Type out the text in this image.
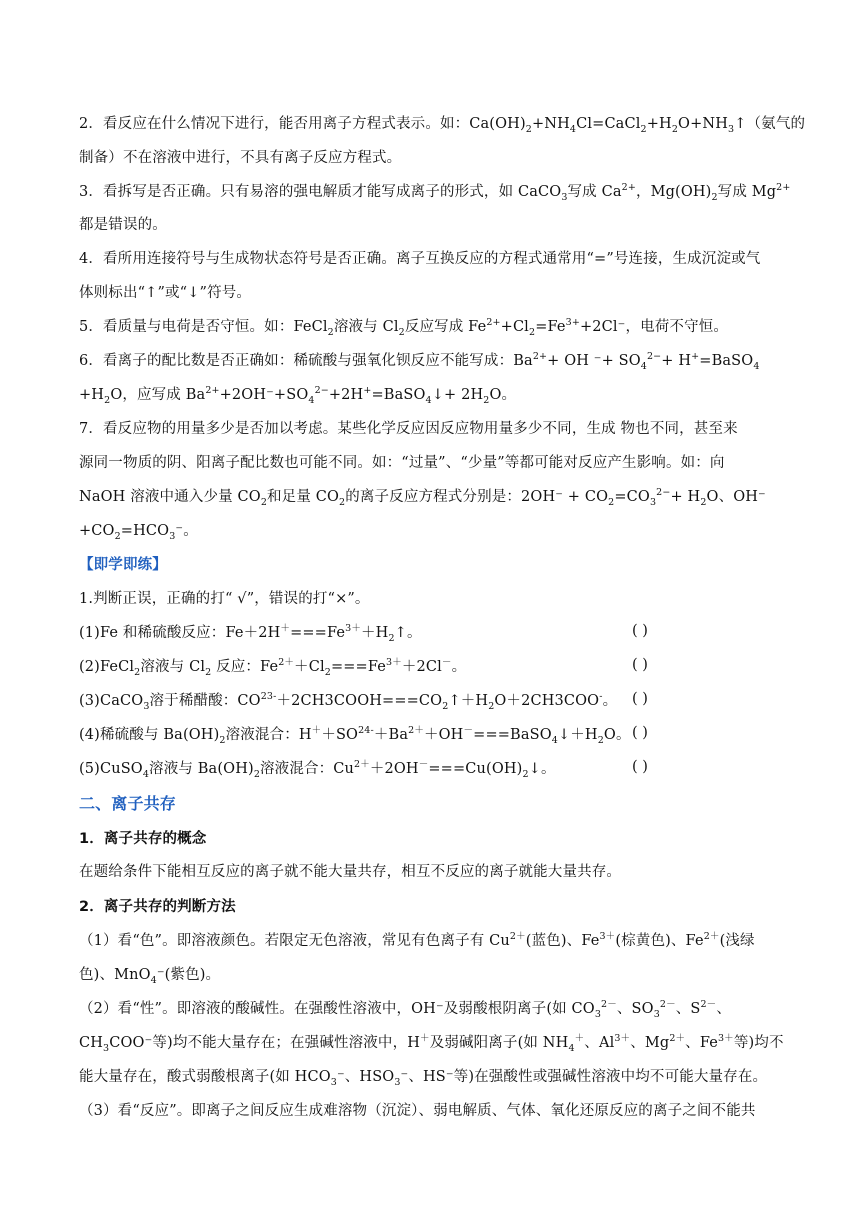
2．看反应在什么情况下进行，能否用离子方程式表示。如：$Ca(OH)_2+NH_4Cl=CaCl_2+H_2O+NH_3↑$（氨气的
制备）不在溶液中进行，不具有离子反应方程式。
3．看拆写是否正确。只有易溶的强电解质才能写成离子的形式，如 CaCO$_3$写成 $Ca^{2+}$，$Mg(OH)_2$写成 $Mg^{2+}$
都是错误的。
4．看所用连接符号与生成物状态符号是否正确。离子互换反应的方程式通常用“=”号连接，生成沉淀或气
体则标出“↑”或“↓”符号。
5．看质量与电荷是否守恒。如：FeCl$_2$溶液与 $Cl_2$反应写成 $Fe^{2+}+Cl_2=Fe^{3+}+2Cl^-$，电荷不守恒。
6．看离子的配比数是否正确如：稀硫酸与强氧化钡反应不能写成：$Ba^{2+}+$ OH ⁻+ $SO_4^{2-}+$ H+=BaSO$_4$
$+H_2O$，应写成 $Ba^{2+}+2OH^-+SO_4^{2-}+2H^+=BaSO_4↓+ 2H_2O$。
7．看反应物的用量多少是否加以考虑。某些化学反应因反应物用量多少不同，生成 物也不同，甚至来
源同一物质的阴、阳离子配比数也可能不同。如：“过量”、“少量”等都可能对反应产生影响。如：向
NaOH 溶液中通入少量 $CO_2$和足量 $CO_2$的离子反应方程式分别是：$2OH^- + CO_2=CO_3^{2-}+ H_2O$、OH⁻
$+CO_2=HCO_3^-$。
【即学即练】
1.判断正误，正确的打“ √”，错误的打“×”。
(1)Fe 和稀硫酸反应：$Fe+2H^+===Fe^{3+}+H_2↑$。	( )
(2)FeCl$_2$溶液与 $Cl_2$ 反应：$Fe^{2+}+Cl_2===Fe^{3+}+2Cl^-$。	( )
(3)CaCO$_3$溶于稀醋酸：$CO^{23-}+2CH3COOH===CO_2↑+H_2O+2CH3COO^-$。 ( )
(4)稀硫酸与 $Ba(OH)_2$溶液混合：$H^++SO^{24-}+Ba^{2+}+OH^-===BaSO_4↓+H_2O$。 ( )
(5)CuSO$_4$溶液与 $Ba(OH)_2$溶液混合：$Cu^{2+}+2OH^-===Cu(OH)_2↓$。	( )
二、离子共存
1．离子共存的概念
在题给条件下能相互反应的离子就不能大量共存，相互不反应的离子就能大量共存。
2．离子共存的判断方法
（1）看“色”。即溶液颜色。若限定无色溶液，常见有色离子有 $Cu^{2+}$(蓝色)、$Fe^{3+}$(棕黄色)、$Fe^{2+}$(浅绿
色)、MnO$_4$⁻(紫色)。
（2）看“性”。即溶液的酸碱性。在强酸性溶液中，OH⁻及弱酸根阴离子(如 $CO_3^{2-}$、$SO_3^{2-}$、$S^{2-}$、
$CH_3COO^-$等)均不能大量存在；在强碱性溶液中，H＋及弱碱阳离子(如 $NH_4^+$、$Al^{3+}$、$Mg^{2+}$、$Fe^{3+}$等)均不
能大量存在，酸式弱酸根离子(如 $HCO_3^-$、$HSO_3^-$、HS⁻等)在强酸性或强碱性溶液中均不可能大量存在。
（3）看“反应”。即离子之间反应生成难溶物（沉淀）、弱电解质、气体、氧化还原反应的离子之间不能共
